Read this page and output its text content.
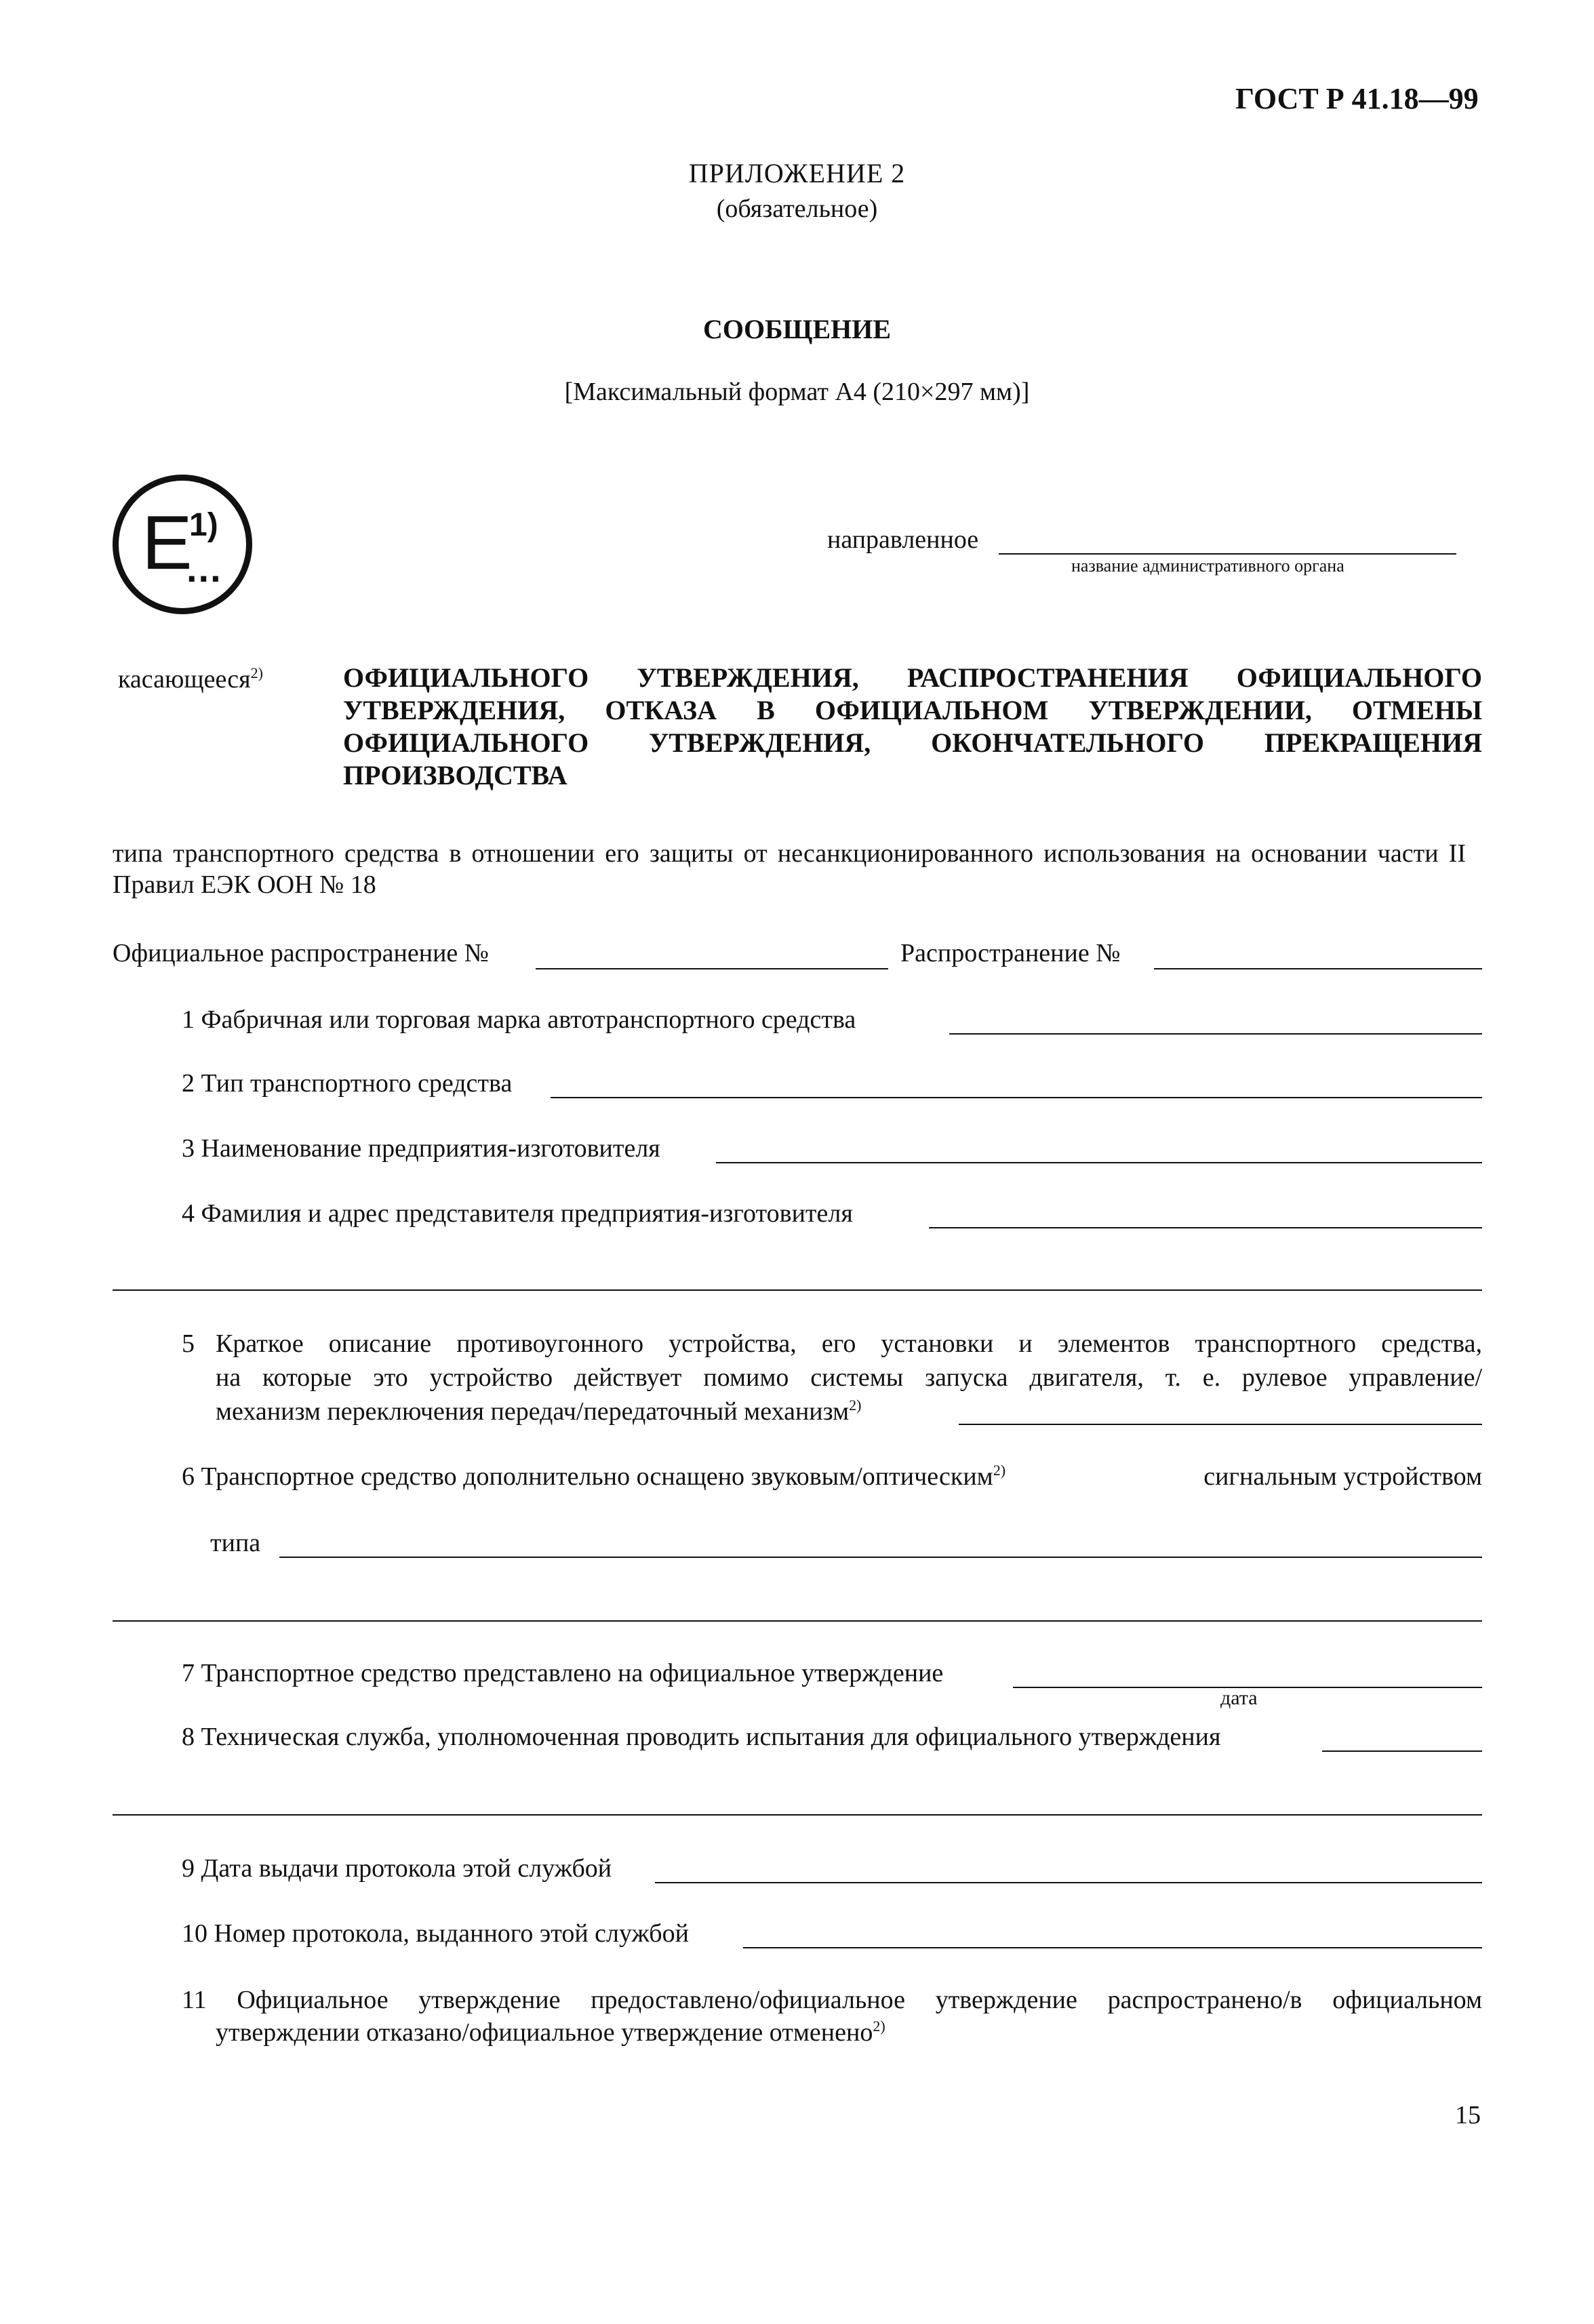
ГОСТ Р 41.18—99
ПРИЛОЖЕНИЕ 2
(обязательное)
СООБЩЕНИЕ
[Максимальный формат А4 (210×297 мм)]
E
1)
...
направленное
название административного органа
касающееся$^{2)}$	ОФИЦИАЛЬНОГО УТВЕРЖДЕНИЯ, РАСПРОСТРАНЕНИЯ ОФИЦИАЛЬНОГО УТВЕРЖДЕНИЯ, ОТКАЗА В ОФИЦИАЛЬНОМ УТВЕРЖДЕНИИ, ОТМЕНЫ ОФИЦИАЛЬНОГО УТВЕРЖДЕНИЯ, ОКОНЧАТЕЛЬНОГО ПРЕКРАЩЕНИЯ ПРОИЗВОДСТВА
типа транспортного средства в отношении его защиты от несанкционированного использования на основании части II Правил ЕЭК ООН № 18
Официальное распространение №	Распространение №
1 Фабричная или торговая марка автотранспортного средства
2 Тип транспортного средства
3 Наименование предприятия-изготовителя
4 Фамилия и адрес представителя предприятия-изготовителя
5 Краткое описание противоугонного устройства, его установки и элементов транспортного средства,
на которые это устройство действует помимо системы запуска двигателя, т. е. рулевое управление/
механизм переключения передач/передаточный механизм$^{2)}$
6 Транспортное средство дополнительно оснащено звуковым/оптическим$^{2)}$	сигнальным устройством
типа
7 Транспортное средство представлено на официальное утверждение
дата
8 Техническая служба, уполномоченная проводить испытания для официального утверждения
9 Дата выдачи протокола этой службой
10 Номер протокола, выданного этой службой
11 Официальное утверждение предоставлено/официальное утверждение распространено/в официальном
утверждении отказано/официальное утверждение отменено$^{2)}$
15
